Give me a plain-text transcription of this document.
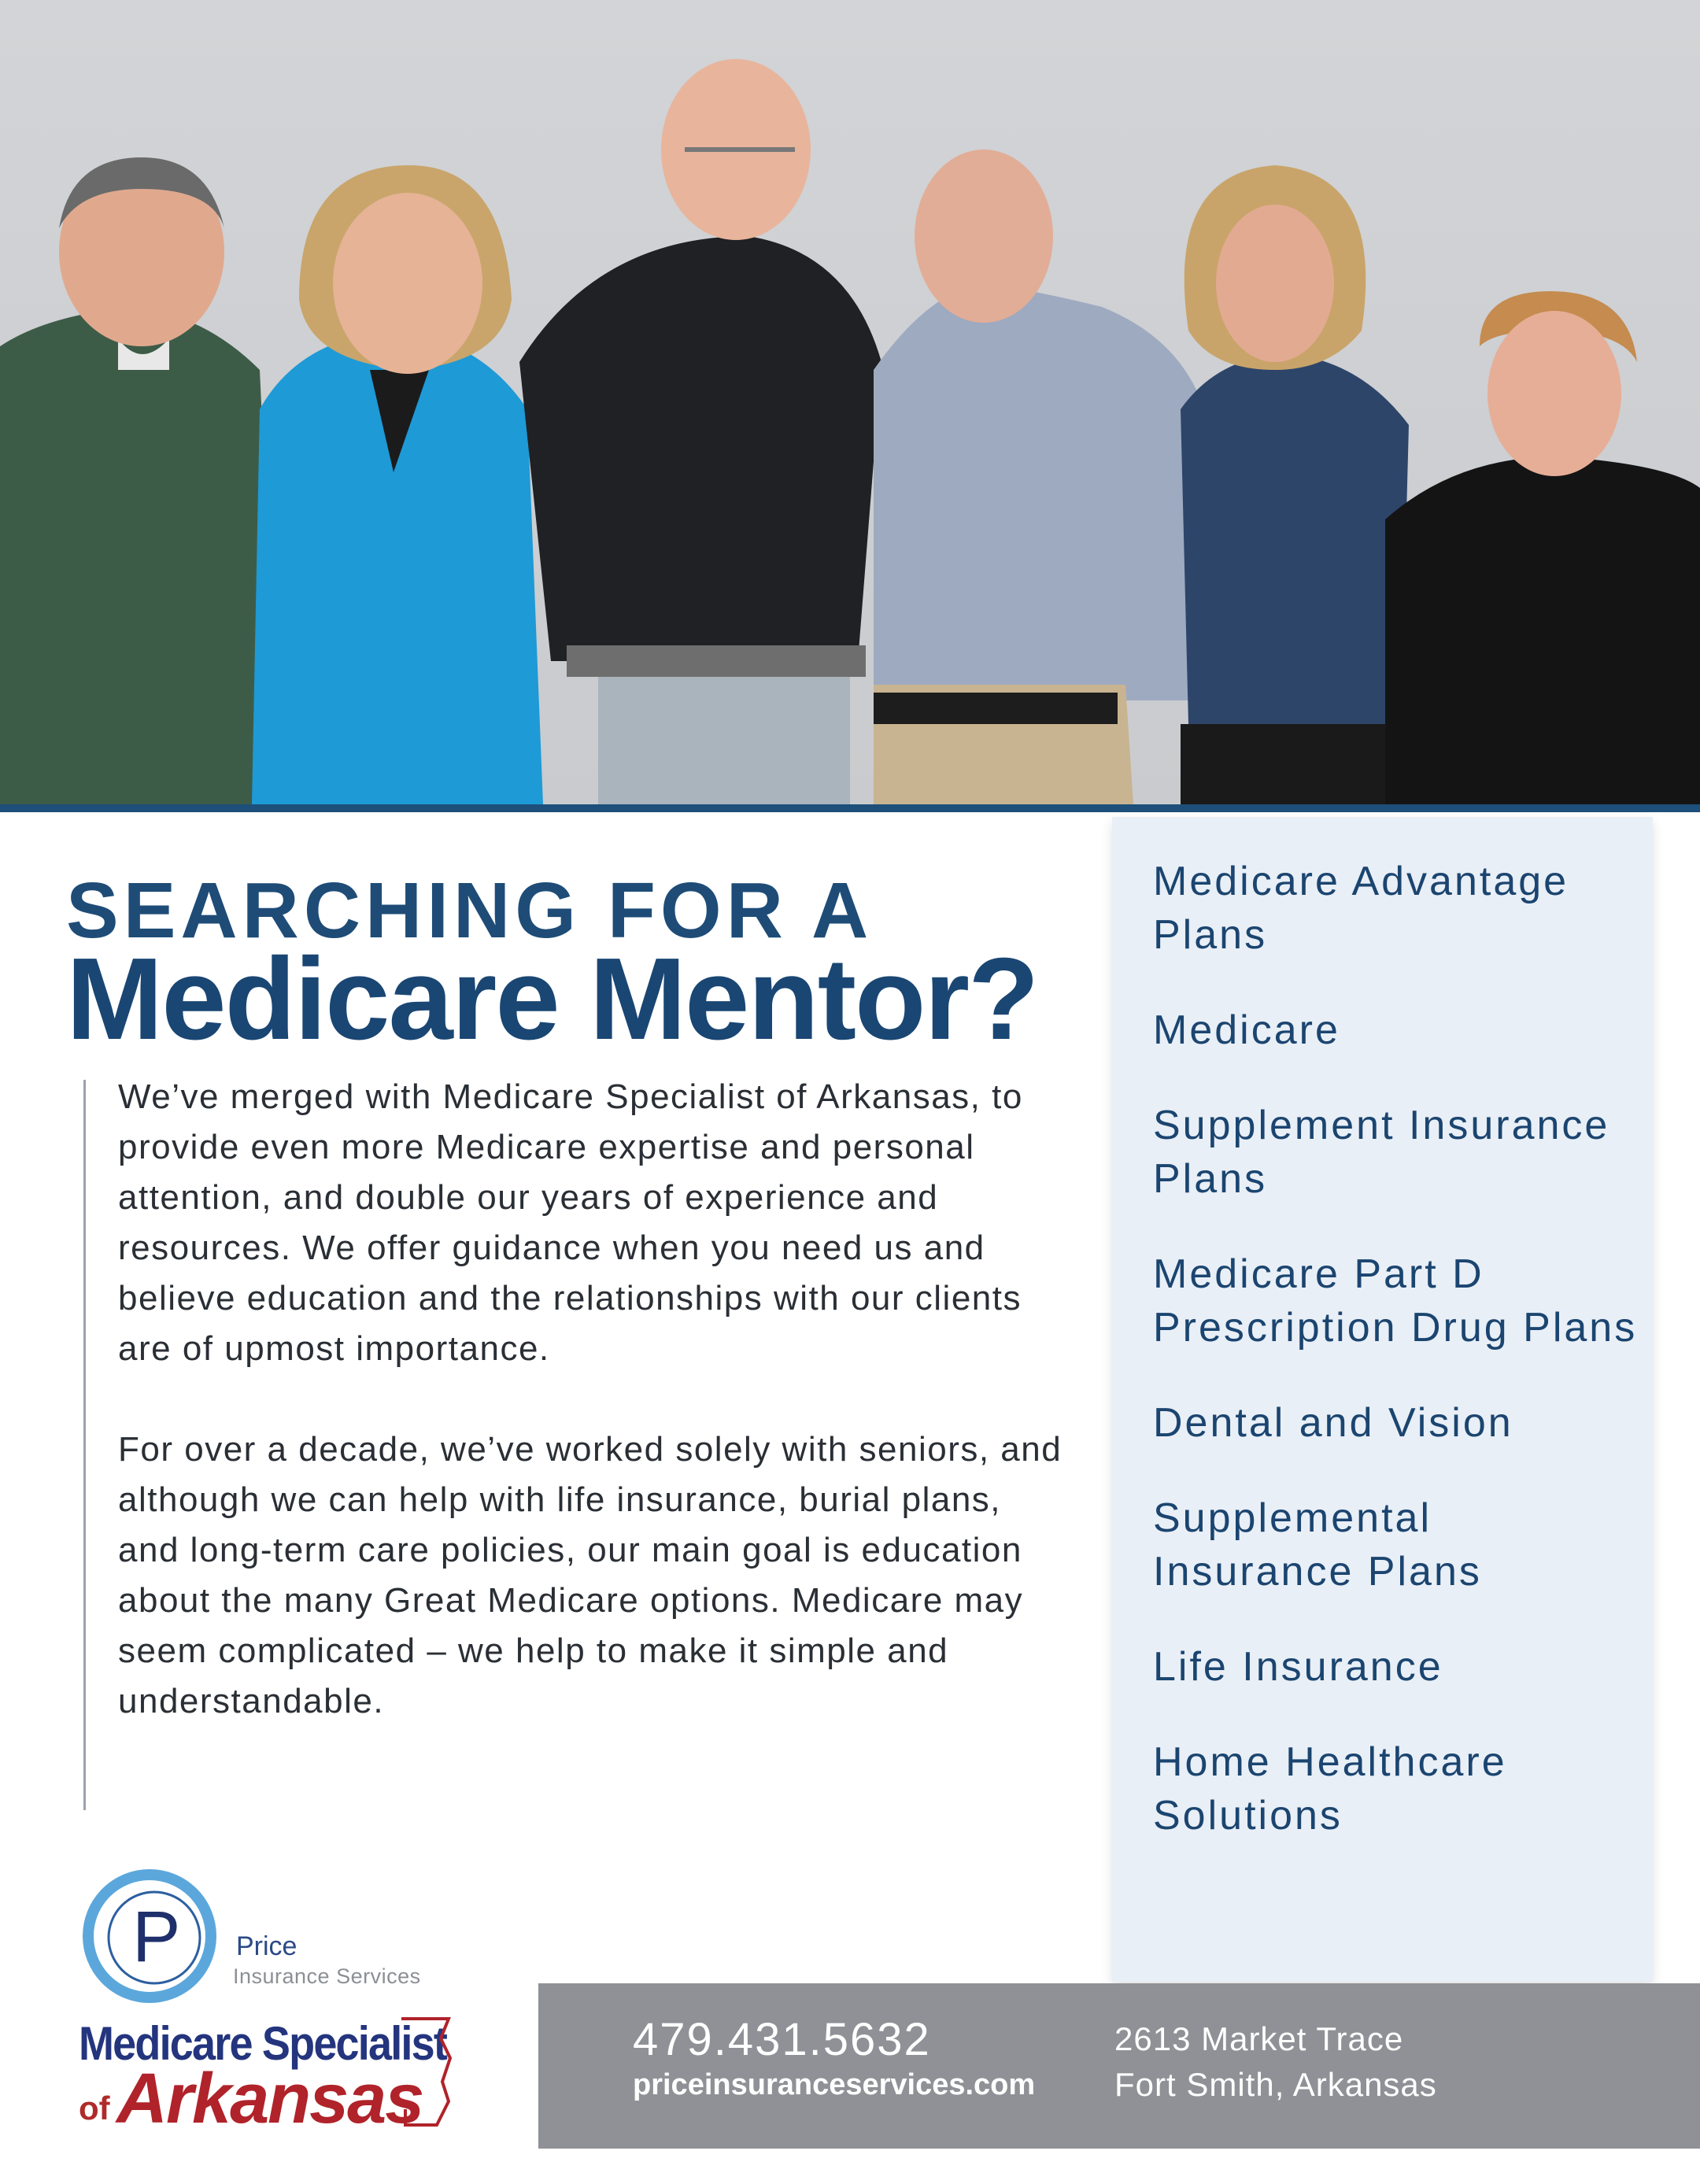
SEARCHING FOR A
Medicare Mentor?

We’ve merged with Medicare Specialist of Arkansas, to provide even more Medicare expertise and personal attention, and double our years of experience and resources. We offer guidance when you need us and believe education and the relationships with our clients are of upmost importance.

For over a decade, we’ve worked solely with seniors, and although we can help with life insurance, burial plans, and long-term care policies, our main goal is education about the many Great Medicare options. Medicare may seem complicated – we help to make it simple and understandable.

Medicare Advantage Plans
Medicare
Supplement Insurance Plans
Medicare Part D Prescription Drug Plans
Dental and Vision
Supplemental Insurance Plans
Life Insurance
Home Healthcare Solutions
P Price
Insurance Services
Medicare Specialist
of Arkansas
479.431.5632
priceinsuranceservices.com
2613 Market Trace
Fort Smith, Arkansas
